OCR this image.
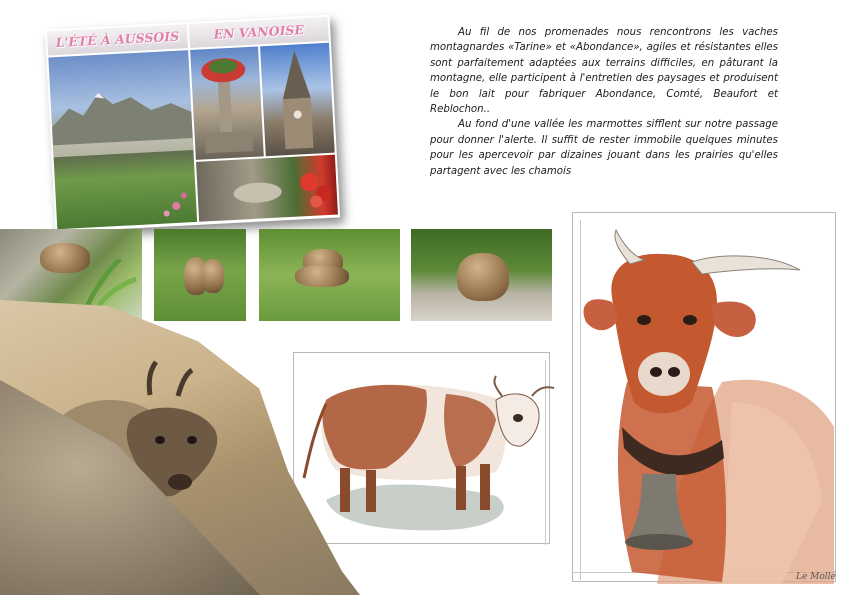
L'ÉTÉ À AUSSOIS	EN VANOISE	Au fil de nos promenades nous rencontrons les vaches montagnardes «Tarine» et «Abondance», agiles et résistantes elles sont parfaitement adaptées aux terrains difficiles, en pâturant la montagne, elle participent à l'entretien des paysages et produisent le bon lait pour fabriquer Abondance, Comté, Beaufort et Reblochon..

Au fond d'une vallée les marmottes sifflent sur notre passage pour donner l'alerte. Il suffit de rester immobile quelques minutes pour les apercevoir par dizaines jouant dans les prairies qu'elles partagent avec les chamois

Le Mollé
